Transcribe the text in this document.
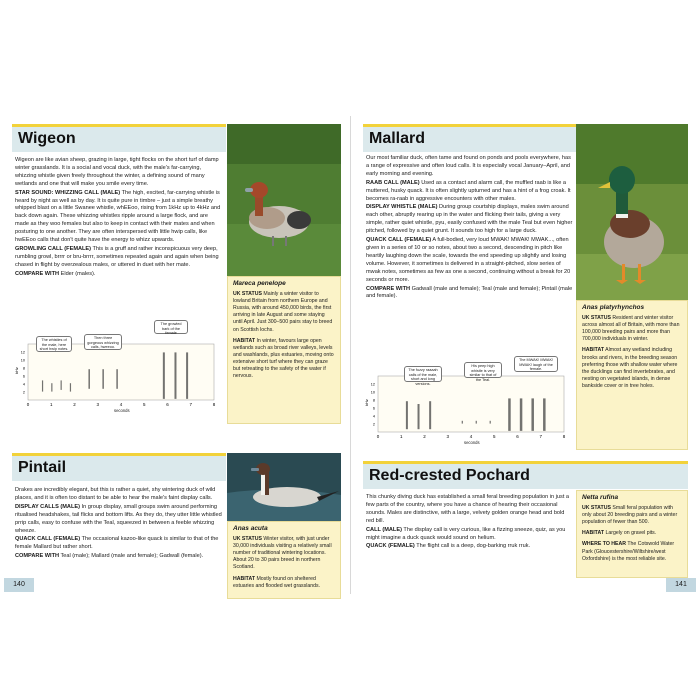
Wigeon

Wigeon are like avian sheep, grazing in large, tight flocks on the short turf of damp winter grasslands. It is a social and vocal duck, with the male's far-carrying, whizzing whistle given freely throughout the winter, a defining sound of many wetlands and one that will make you smile every time.

STAR SOUND: WHIZZING CALL (MALE) The high, excited, far-carrying whistle is heard by night as well as by day. It is quite pure in timbre – just a simple breathy whipped blast on a little Swanee whistle, whEEoo, rising from 1kHz up to 4kHz and back down again. These whizzing whistles ripple around a large flock, and are made as they woo females but also to keep in contact with their mates and when posturing to one another. They are often interspersed with little hwip calls, like hwEEoo calls that don't quite have the energy to whizz upwards.

GROWLING CALL (FEMALE) This is a gruff and rather inconspicuous very deep, rumbling growl, brrrr or bru-brrrr, sometimes repeated again and again when being chased in flight by overzealous males, or uttered in duet with her mate.

COMPARE WITH Elder (males).

Mareca penelope

UK STATUS Mainly a winter visitor to lowland Britain from northern Europe and Russia, with around 450,000 birds, the first arriving in late August and some staying until April. Just 300–500 pairs stay to breed on Scottish lochs.

HABITAT In winter, favours large open wetlands such as broad river valleys, levels and washlands, plus estuaries, moving onto extensive short turf where they can graze but retreating to the safety of the water if nervous.

0	1	2	3	4	5	6	7	8
2
4
6
8
10
12
kHz
The whistles of the male, here short hwip notes.
Then three gorgeous whizzing calls, hweeoo.
The growled bark of the female
seconds
Pintail

Drakes are incredibly elegant, but this is rather a quiet, shy wintering duck of wild places, and it is often too distant to be able to hear the male's faint display calls.

DISPLAY CALLS (MALE) In group display, small groups swim around performing ritualised headshakes, tail flicks and bottom lifts. As they do, they utter little whistled prrip calls, easy to confuse with the Teal, squeezed in between a feeble whizzing wheeze.

QUACK CALL (FEMALE) The occasional kazoo-like quack is similar to that of the female Mallard but rather short.

COMPARE WITH Teal (male); Mallard (male and female); Gadwall (female).

Anas acuta

UK STATUS Winter visitor, with just under 30,000 individuals visiting a relatively small number of traditional wintering locations. About 20 to 30 pairs breed in northern Scotland.

HABITAT Mostly found on sheltered estuaries and flooded wet grasslands.

Mallard

Our most familiar duck, often tame and found on ponds and pools everywhere, has a range of expressive and often loud calls. It is especially vocal January–April, and early morning and evening.

RAAB CALL (MALE) Used as a contact and alarm call, the muffled raab is like a muttered, husky quack. It is often slightly upturned and has a hint of a frog croak. It becomes ra-raab in aggressive encounters with other males.

DISPLAY WHISTLE (MALE) During group courtship displays, males swim around each other, abruptly rearing up in the water and flicking their tails, giving a very simple, rather quiet whistle, pyu, easily confused with the male Teal but even higher pitched, followed by a quiet grunt. It sounds too high for a large duck.

QUACK CALL (FEMALE) A full-bodied, very loud MWAK! MWAK! MWAK..., often given in a series of 10 or so notes, about two a second, descending in pitch like heartily laughing down the scale, towards the end speeding up slightly and losing volume. However, it sometimes is delivered in a straight-pitched, slow series of mwak notes, sometimes as few as one a second, continuing without a break for 20 seconds or more.

COMPARE WITH Gadwall (male and female); Teal (male and female); Pintail (male and female).

Anas platyrhynchos

UK STATUS Resident and winter visitor across almost all of Britain, with more than 100,000 breeding pairs and more than 700,000 individuals in winter.

HABITAT Almost any wetland including brooks and rivers, in the breeding season preferring those with shallow water where the ducklings can find invertebrates, and nesting on vegetated islands, in dense bankside cover or in tree holes.

0	1	2	3	4	5	6	7	8
2
4
6
8
10
12
kHz
The fuzzy raaaah calls of the male, short and long versions.
His peep high whistle is very similar to that of the Teal.
The MWAK! MWAK! MWAK! laugh of the female.
seconds
Red-crested Pochard

This chunky diving duck has established a small feral breeding population in just a few parts of the country, where you have a chance of hearing their occasional sounds. Males are distinctive, with a large, velvety golden orange head and bold red bill.

CALL (MALE) The display call is very curious, like a fizzing sneeze, quiz, as you might imagine a duck quack would sound on helium.

QUACK (FEMALE) The flight call is a deep, dog-barking rruk rruk.

Netta rufina

UK STATUS Small feral population with only about 20 breeding pairs and a winter population of fewer than 500.

HABITAT Largely on gravel pits.

WHERE TO HEAR The Cotswold Water Park (Gloucestershire/Wiltshire/west Oxfordshire) is the most reliable site.

140	141
